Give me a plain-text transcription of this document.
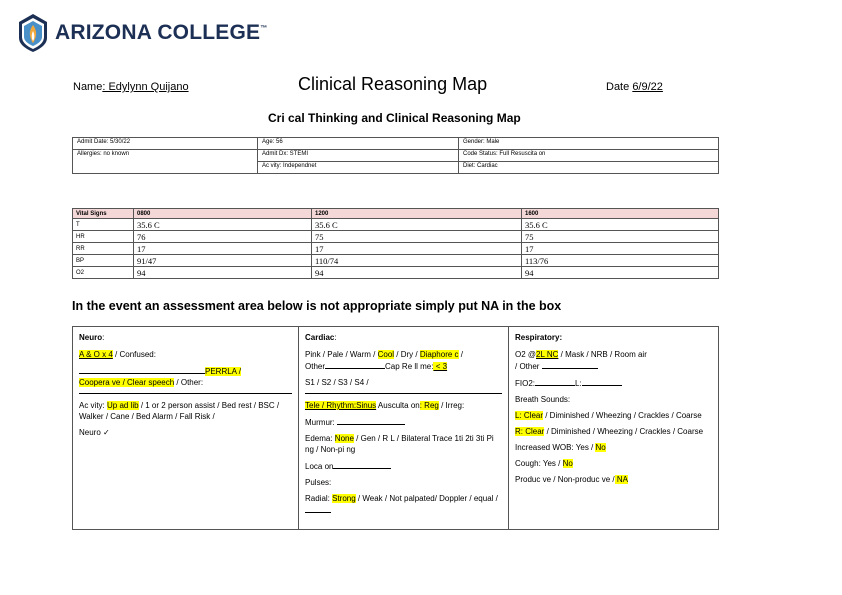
ARIZONA COLLEGE™
Name: Edylynn Quijano	Clinical Reasoning Map	Date 6/9/22
Cri cal Thinking and Clinical Reasoning Map
Admit Date: 5/30/22	Age: 56	Gender: Male
Allergies: no known	Admit Dx: STEMI	Code Status: Full Resuscita on
	Ac vity: Independnet	Diet: Cardiac
Vital Signs	0800	1200	1600
T	35.6 C	35.6 C	35.6 C
HR	76	75	75
RR	17	17	17
BP	91/47	110/74	113/76
O2	94	94	94
In the event an assessment area below is not appropriate simply put NA in the box
Neuro:
A & O x 4 / Confused:
PERRLA /
Coopera ve / Clear speech / Other:
Ac vity: Up ad lib / 1 or 2 person assist / Bed rest / BSC / Walker / Cane / Bed Alarm / Fall Risk /
Neuro ✓

Cardiac:
Pink / Pale / Warm / Cool / Dry / Diaphore c /
Other	Cap Re ll me: < 3
S1 / S2 / S3 / S4 /
Tele / Rhythm:Sinus Ausculta on: Reg / Irreg:
Murmur:
Edema: None / Gen / R L / Bilateral Trace 1ti 2ti 3ti Pi ng / Non-pi ng
Loca on
Pulses:
Radial: Strong / Weak / Not palpated/ Doppler / equal /

Respiratory:
O2 @2L NC / Mask / NRB / Room air
/ Other
FIO2:	L:
Breath Sounds:
L: Clear / Diminished / Wheezing / Crackles / Coarse
R: Clear / Diminished / Wheezing / Crackles / Coarse
Increased WOB: Yes / No
Cough: Yes / No
Produc ve / Non-produc ve / NA
